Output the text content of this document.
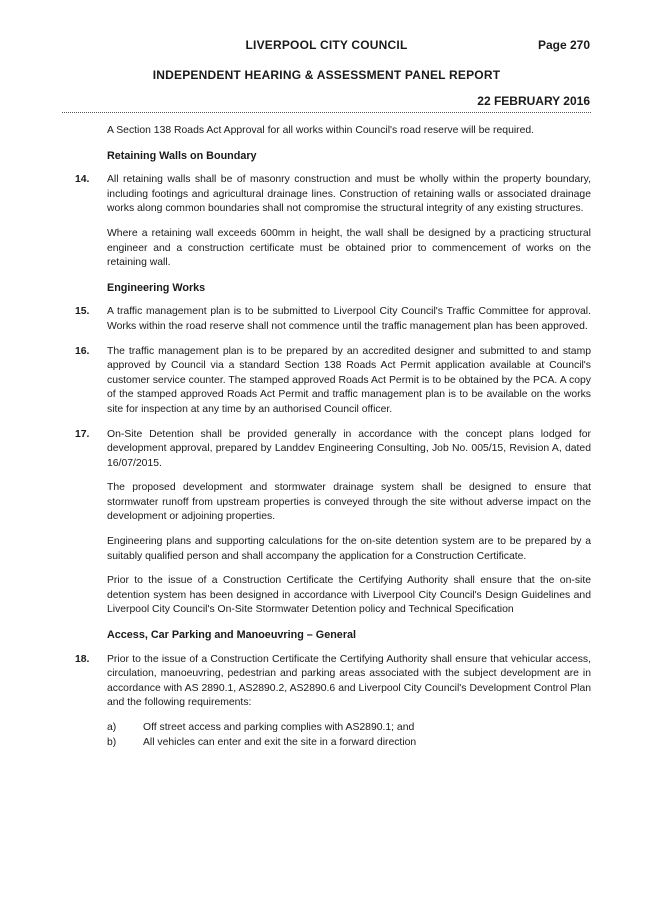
LIVERPOOL CITY COUNCIL	Page 270
INDEPENDENT HEARING & ASSESSMENT PANEL REPORT
22 FEBRUARY 2016

A Section 138 Roads Act Approval for all works within Council's road reserve will be required.

Retaining Walls on Boundary

14.	All retaining walls shall be of masonry construction and must be wholly within the property boundary, including footings and agricultural drainage lines. Construction of retaining walls or associated drainage works along common boundaries shall not compromise the structural integrity of any existing structures.

Where a retaining wall exceeds 600mm in height, the wall shall be designed by a practicing structural engineer and a construction certificate must be obtained prior to commencement of works on the retaining wall.

Engineering Works

15.	A traffic management plan is to be submitted to Liverpool City Council's Traffic Committee for approval. Works within the road reserve shall not commence until the traffic management plan has been approved.
16.	The traffic management plan is to be prepared by an accredited designer and submitted to and stamp approved by Council via a standard Section 138 Roads Act Permit application available at Council's customer service counter. The stamped approved Roads Act Permit is to be obtained by the PCA. A copy of the stamped approved Roads Act Permit and traffic management plan is to be available on the works site for inspection at any time by an authorised Council officer.
17.	On-Site Detention shall be provided generally in accordance with the concept plans lodged for development approval, prepared by Landdev Engineering Consulting, Job No. 005/15, Revision A, dated 16/07/2015.

The proposed development and stormwater drainage system shall be designed to ensure that stormwater runoff from upstream properties is conveyed through the site without adverse impact on the development or adjoining properties.

Engineering plans and supporting calculations for the on-site detention system are to be prepared by a suitably qualified person and shall accompany the application for a Construction Certificate.

Prior to the issue of a Construction Certificate the Certifying Authority shall ensure that the on-site detention system has been designed in accordance with Liverpool City Council's Design Guidelines and Liverpool City Council's On-Site Stormwater Detention policy and Technical Specification

Access, Car Parking and Manoeuvring – General

18.	Prior to the issue of a Construction Certificate the Certifying Authority shall ensure that vehicular access, circulation, manoeuvring, pedestrian and parking areas associated with the subject development are in accordance with AS 2890.1, AS2890.2, AS2890.6 and Liverpool City Council's Development Control Plan and the following requirements:
a)	Off street access and parking complies with AS2890.1; and
b)	All vehicles can enter and exit the site in a forward direction
